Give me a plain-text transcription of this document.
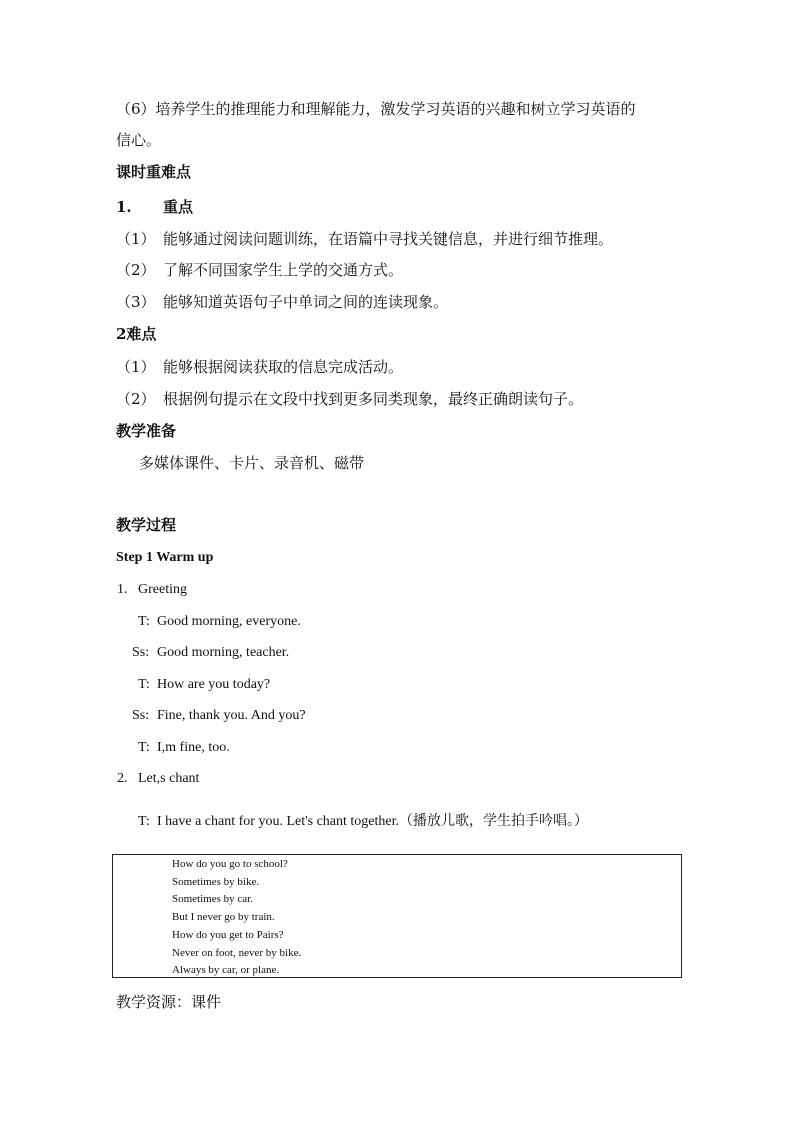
（6）培养学生的推理能力和理解能力，激发学习英语的兴趣和树立学习英语的
信心。
课时重难点
1. 重点
（1） 能够通过阅读问题训练，在语篇中寻找关键信息，并进行细节推理。
（2） 了解不同国家学生上学的交通方式。
（3） 能够知道英语句子中单词之间的连读现象。
2难点
（1） 能够根据阅读获取的信息完成活动。
（2） 根据例句提示在文段中找到更多同类现象，最终正确朗读句子。
教学准备
多媒体课件、卡片、录音机、磁带
教学过程
Step 1 Warm up
1. Greeting
T: Good morning, everyone.
Ss: Good morning, teacher.
T: How are you today?
Ss: Fine, thank you. And you?
T: I,m fine, too.
2. Let,s chant
T: I have a chant for you. Let's chant together.（播放儿歌，学生拍手吟唱。）
How do you go to school?
Sometimes by bike.
Sometimes by car.
But I never go by train.
How do you get to Pairs?
Never on foot, never by bike.
Always by car, or plane.
教学资源：课件
